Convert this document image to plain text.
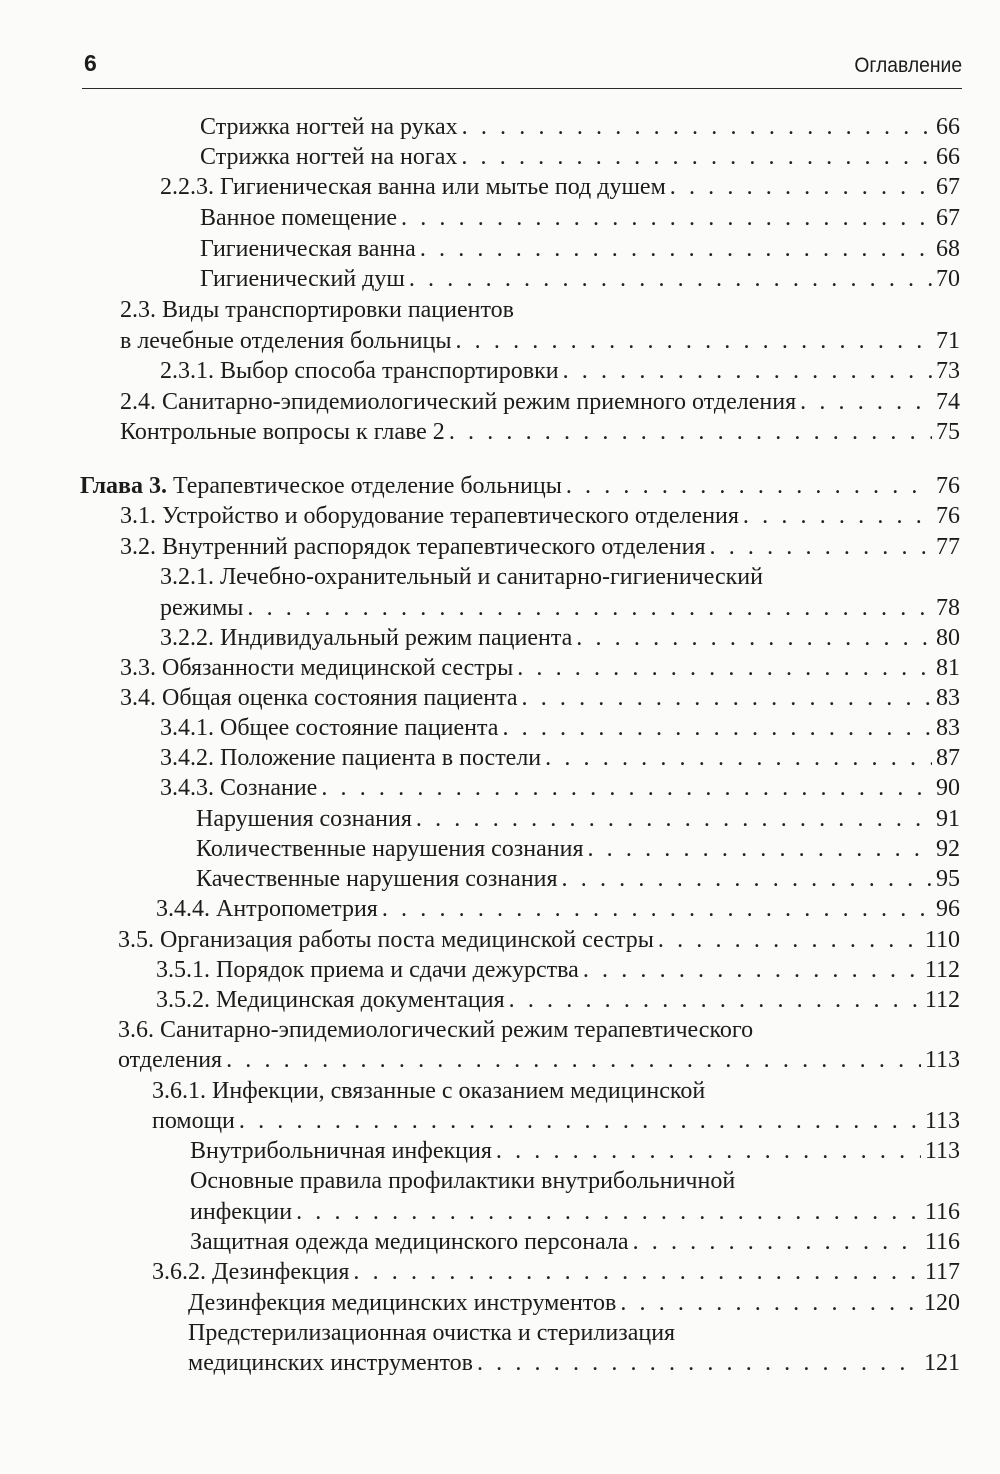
6	Оглавление
Стрижка ногтей на руках . . .	66
Стрижка ногтей на ногах . . .	66
2.2.3. Гигиеническая ванна или мытье под душем . . .	67
Ванное помещение . . .	67
Гигиеническая ванна . . .	68
Гигиенический душ . . .	70
2.3. Виды транспортировки пациентов
в лечебные отделения больницы . . .	71
2.3.1. Выбор способа транспортировки . . .	73
2.4. Санитарно-эпидемиологический режим приемного отделения . . .	74
Контрольные вопросы к главе 2 . . .	75
Глава 3. Терапевтическое отделение больницы . . .	76
3.1. Устройство и оборудование терапевтического отделения . . .	76
3.2. Внутренний распорядок терапевтического отделения . . .	77
3.2.1. Лечебно-охранительный и санитарно-гигиенический
режимы . . .	78
3.2.2. Индивидуальный режим пациента . . .	80
3.3. Обязанности медицинской сестры . . .	81
3.4. Общая оценка состояния пациента . . .	83
3.4.1. Общее состояние пациента . . .	83
3.4.2. Положение пациента в постели . . .	87
3.4.3. Сознание . . .	90
Нарушения сознания . . .	91
Количественные нарушения сознания . . .	92
Качественные нарушения сознания . . .	95
3.4.4. Антропометрия . . .	96
3.5. Организация работы поста медицинской сестры . . .	110
3.5.1. Порядок приема и сдачи дежурства . . .	112
3.5.2. Медицинская документация . . .	112
3.6. Санитарно-эпидемиологический режим терапевтического
отделения . . .	113
3.6.1. Инфекции, связанные с оказанием медицинской
помощи . . .	113
Внутрибольничная инфекция . . .	113
Основные правила профилактики внутрибольничной
инфекции . . .	116
Защитная одежда медицинского персонала . . .	116
3.6.2. Дезинфекция . . .	117
Дезинфекция медицинских инструментов . . .	120
Предстерилизационная очистка и стерилизация
медицинских инструментов . . .	121
